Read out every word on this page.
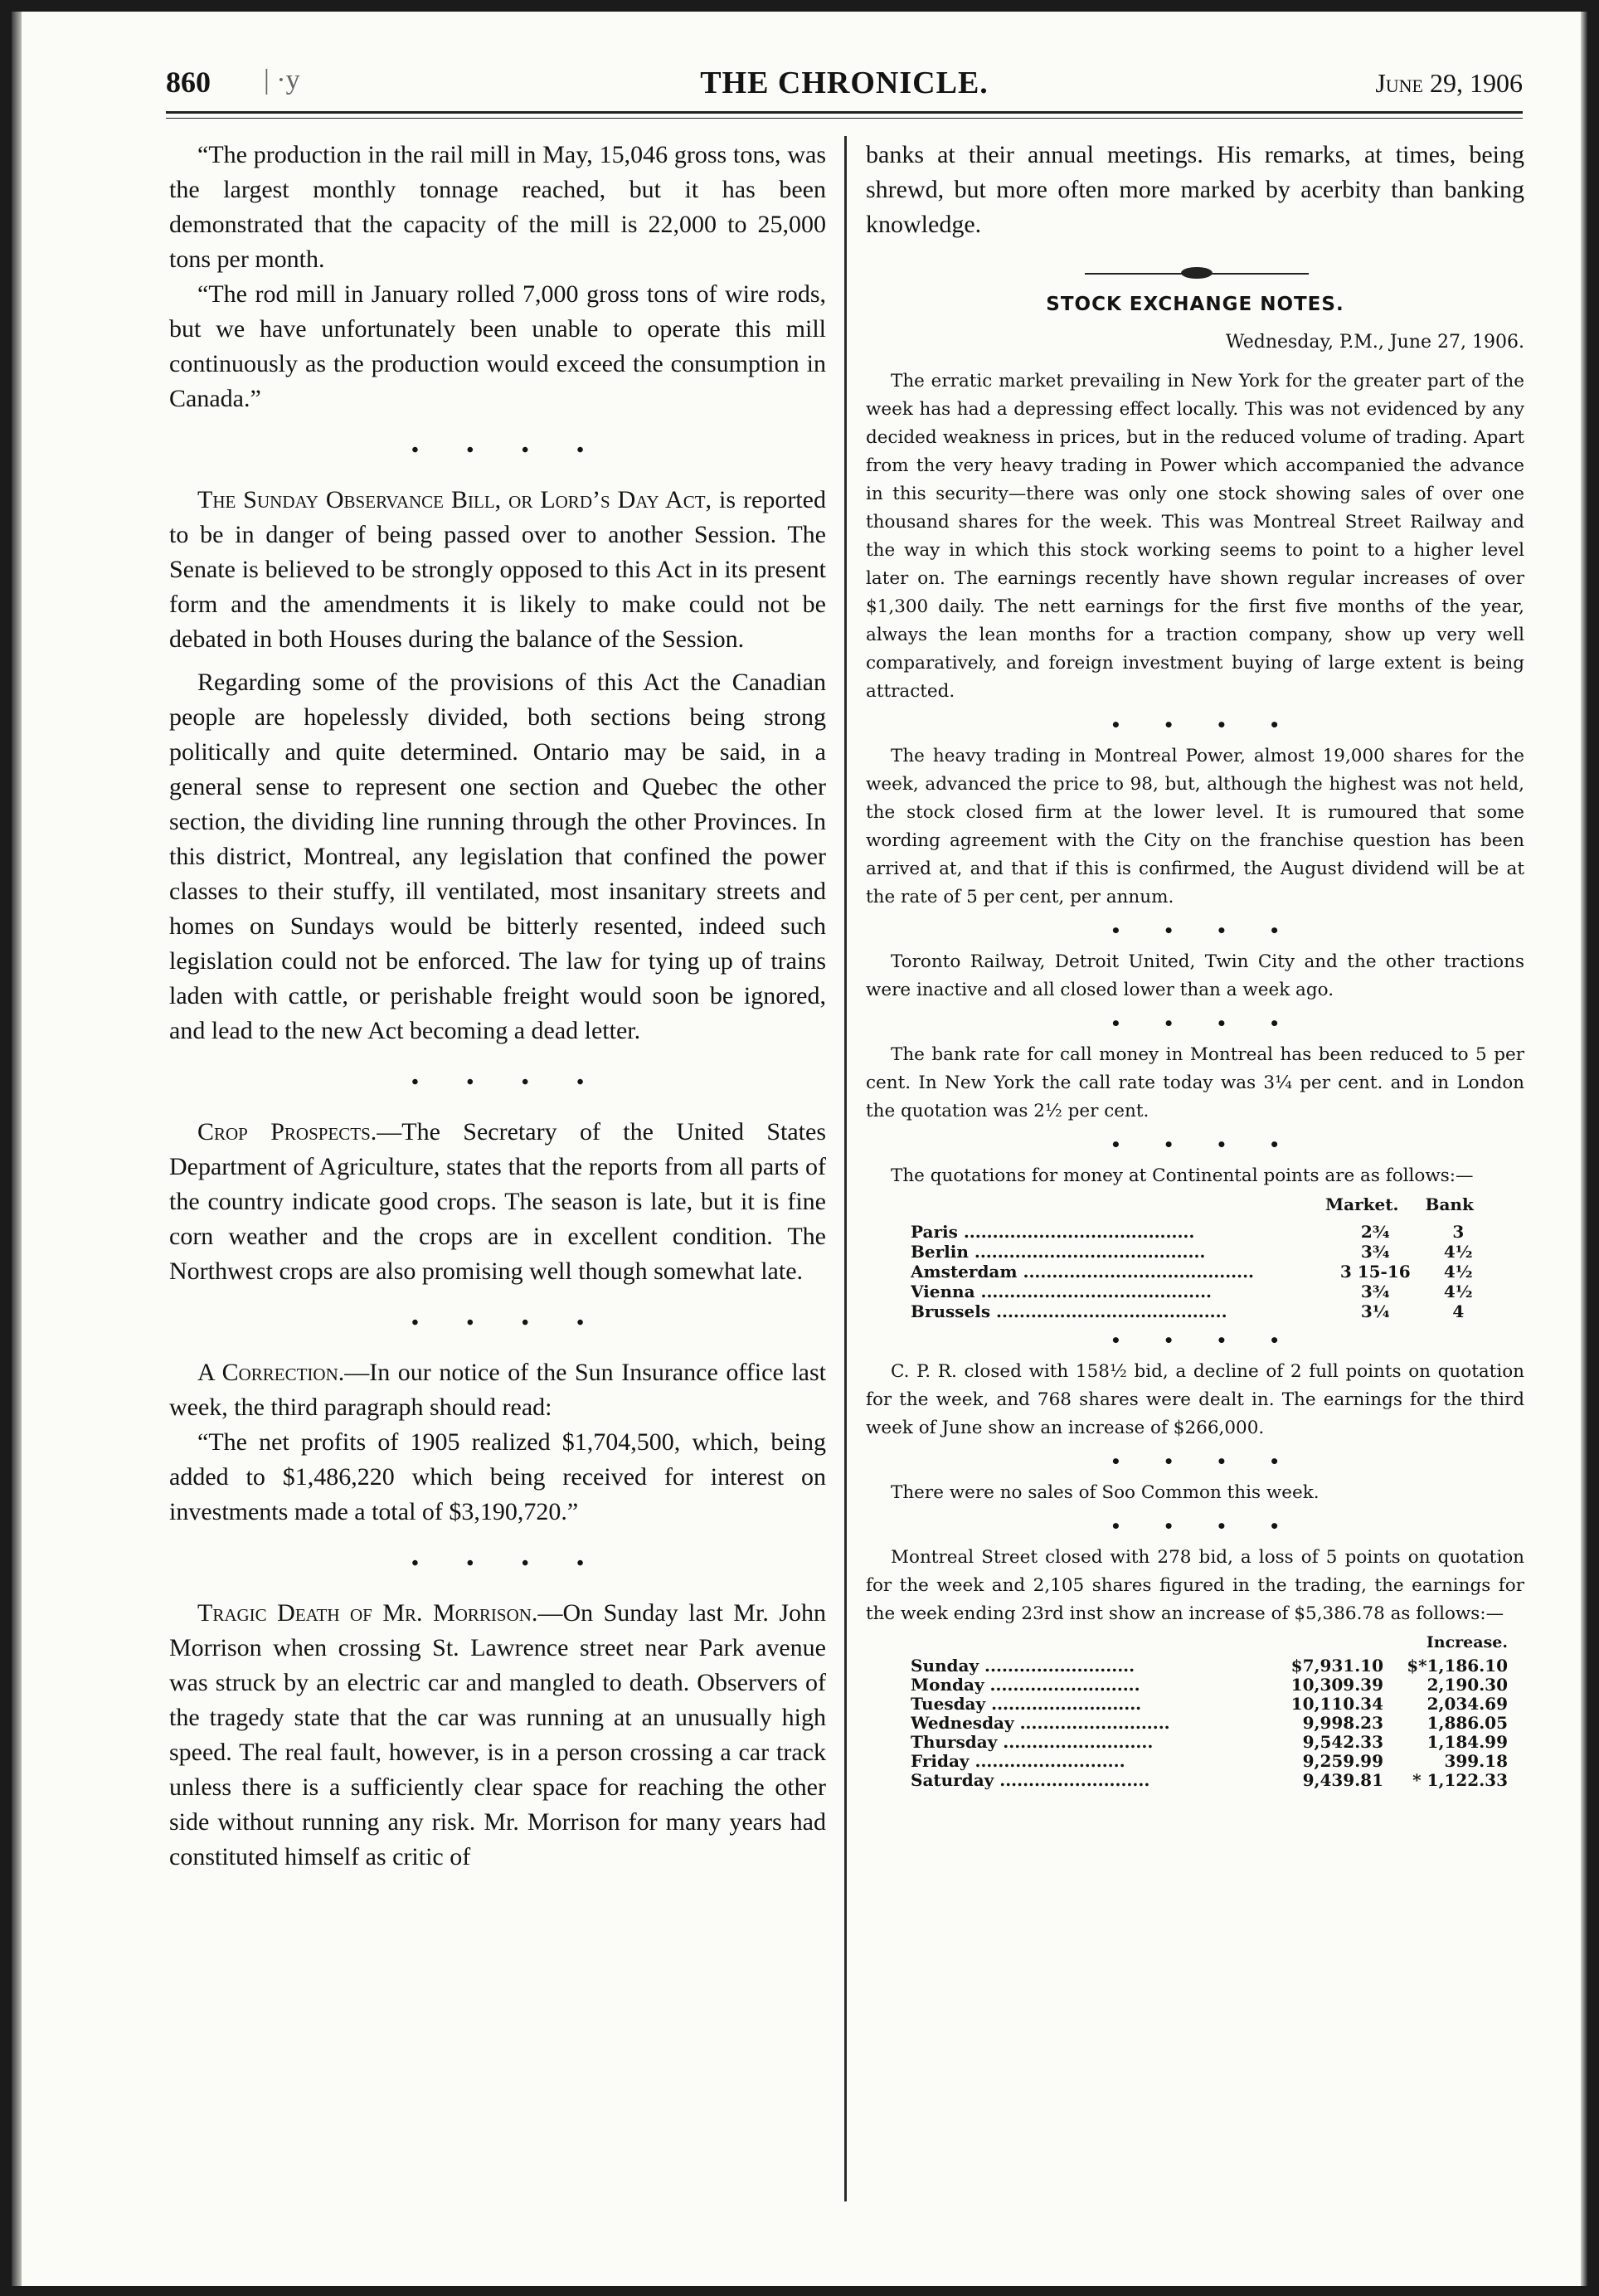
860 | ·y	THE CHRONICLE.	June 29, 1906

“The production in the rail mill in May, 15,046 gross tons, was the largest monthly tonnage reached, but it has been demonstrated that the capacity of the mill is 22,000 to 25,000 tons per month.

“The rod mill in January rolled 7,000 gross tons of wire rods, but we have unfortunately been unable to operate this mill continuously as the production would exceed the consumption in Canada.”

• • • •

The Sunday Observance Bill, or Lord’s Day Act, is reported to be in danger of being passed over to another Session. The Senate is believed to be strongly opposed to this Act in its present form and the amendments it is likely to make could not be debated in both Houses during the balance of the Session.

Regarding some of the provisions of this Act the Canadian people are hopelessly divided, both sections being strong politically and quite determined. Ontario may be said, in a general sense to represent one section and Quebec the other section, the dividing line running through the other Provinces. In this district, Montreal, any legislation that confined the power classes to their stuffy, ill ventilated, most insanitary streets and homes on Sundays would be bitterly resented, indeed such legislation could not be enforced. The law for tying up of trains laden with cattle, or perishable freight would soon be ignored, and lead to the new Act becoming a dead letter.

• • • •

Crop Prospects.—The Secretary of the United States Department of Agriculture, states that the reports from all parts of the country indicate good crops. The season is late, but it is fine corn weather and the crops are in excellent condition. The Northwest crops are also promising well though somewhat late.

• • • •

A Correction.—In our notice of the Sun Insurance office last week, the third paragraph should read:

“The net profits of 1905 realized $1,704,500, which, being added to $1,486,220 which being received for interest on investments made a total of $3,190,720.”

• • • •

Tragic Death of Mr. Morrison.—On Sunday last Mr. John Morrison when crossing St. Lawrence street near Park avenue was struck by an electric car and mangled to death. Observers of the tragedy state that the car was running at an unusually high speed. The real fault, however, is in a person crossing a car track unless there is a sufficiently clear space for reaching the other side without running any risk. Mr. Morrison for many years had constituted himself as critic of

banks at their annual meetings. His remarks, at times, being shrewd, but more often more marked by acerbity than banking knowledge.

STOCK EXCHANGE NOTES.
Wednesday, P.M., June 27, 1906.

The erratic market prevailing in New York for the greater part of the week has had a depressing effect locally. This was not evidenced by any decided weakness in prices, but in the reduced volume of trading. Apart from the very heavy trading in Power which accompanied the advance in this security—there was only one stock showing sales of over one thousand shares for the week. This was Montreal Street Railway and the way in which this stock working seems to point to a higher level later on. The earnings recently have shown regular increases of over $1,300 daily. The nett earnings for the first five months of the year, always the lean months for a traction company, show up very well comparatively, and foreign investment buying of large extent is being attracted.

• • • •

The heavy trading in Montreal Power, almost 19,000 shares for the week, advanced the price to 98, but, although the highest was not held, the stock closed firm at the lower level. It is rumoured that some wording agreement with the City on the franchise question has been arrived at, and that if this is confirmed, the August dividend will be at the rate of 5 per cent, per annum.

• • • •

Toronto Railway, Detroit United, Twin City and the other tractions were inactive and all closed lower than a week ago.

• • • •

The bank rate for call money in Montreal has been reduced to 5 per cent. In New York the call rate today was 3¼ per cent. and in London the quotation was 2½ per cent.

• • • •

The quotations for money at Continental points are as follows:—

	Market.	Bank
Paris ........................................	2¾	3
Berlin ........................................	3¾	4½
Amsterdam ........................................	3 15-16	4½
Vienna ........................................	3¾	4½
Brussels ........................................	3¼	4
• • • •

C. P. R. closed with 158½ bid, a decline of 2 full points on quotation for the week, and 768 shares were dealt in. The earnings for the third week of June show an increase of $266,000.

• • • •

There were no sales of Soo Common this week.

• • • •

Montreal Street closed with 278 bid, a loss of 5 points on quotation for the week and 2,105 shares figured in the trading, the earnings for the week ending 23rd inst show an increase of $5,386.78 as follows:—

		Increase.
Sunday ..........................	$7,931.10	$*1,186.10
Monday ..........................	10,309.39	2,190.30
Tuesday ..........................	10,110.34	2,034.69
Wednesday ..........................	9,998.23	1,886.05
Thursday ..........................	9,542.33	1,184.99
Friday ..........................	9,259.99	399.18
Saturday ..........................	9,439.81	* 1,122.33
